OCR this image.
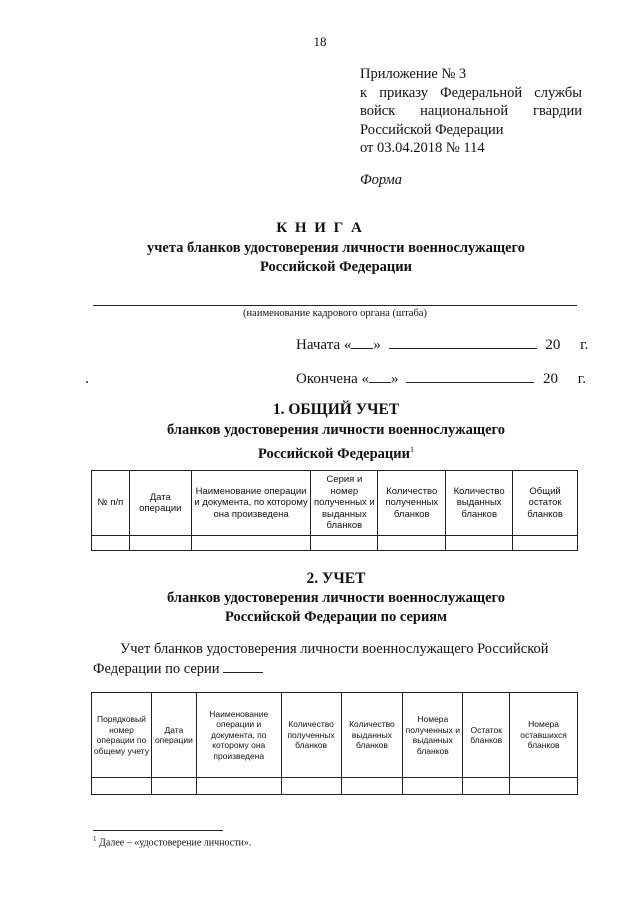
18
Приложение № 3
к приказу Федеральной службы
войск национальной гвардии
Российской Федерации
от 03.04.2018 № 114
Форма
К Н И Г А
учета бланков удостоверения личности военнослужащего
Российской Федерации
(наименование кадрового органа (штаба)
Начата « »	20 г.
Окончена « »	20 г.
1. ОБЩИЙ УЧЕТ
бланков удостоверения личности военнослужащего
Российской Федерации$^1$
№ п/п	Дата операции	Наименование операции и документа, по которому она произведена	Серия и номер полученных и выданных бланков	Количество полученных бланков	Количество выданных бланков	Общий остаток бланков

2. УЧЕТ
бланков удостоверения личности военнослужащего
Российской Федерации по сериям
Учет бланков удостоверения личности военнослужащего Российской
Федерации по серии
Порядковый номер операции по общему учету	Дата операции	Наименование операции и документа, по которому она произведена	Количество полученных бланков	Количество выданных бланков	Номера полученных и выданных бланков	Остаток бланков	Номера оставшихся бланков

$^1$ Далее – «удостоверение личности».
